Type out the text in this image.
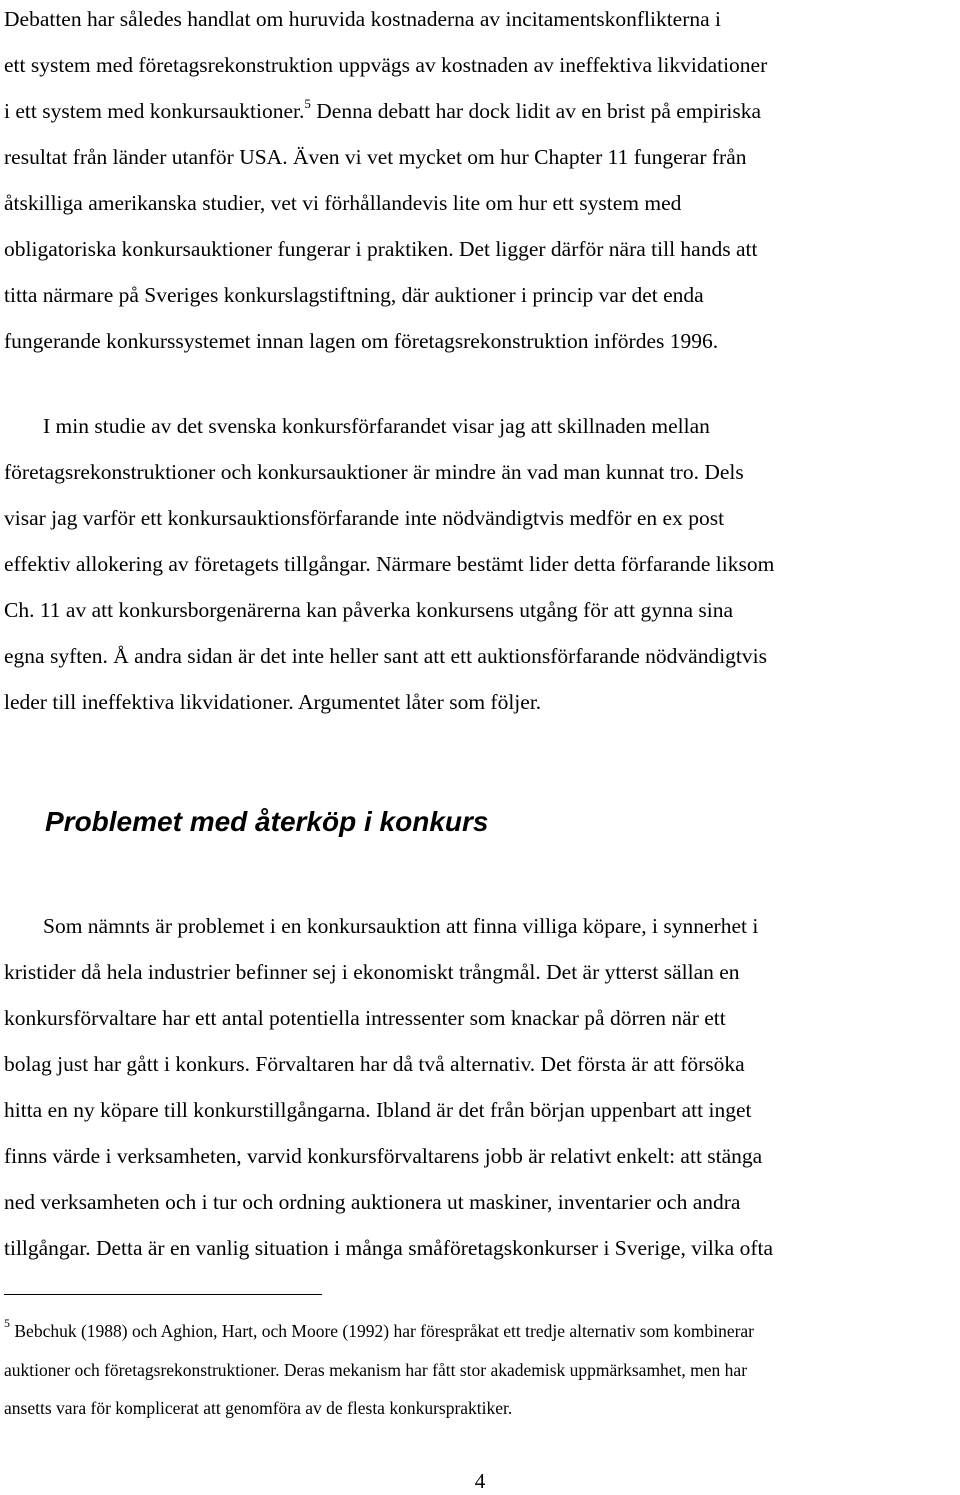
Debatten har således handlat om huruvida kostnaderna av incitamentskonflikterna i
ett system med företagsrekonstruktion uppvägs av kostnaden av ineffektiva likvidationer
i ett system med konkursauktioner.$^5$ Denna debatt har dock lidit av en brist på empiriska
resultat från länder utanför USA. Även vi vet mycket om hur Chapter 11 fungerar från
åtskilliga amerikanska studier, vet vi förhållandevis lite om hur ett system med
obligatoriska konkursauktioner fungerar i praktiken. Det ligger därför nära till hands att
titta närmare på Sveriges konkurslagstiftning, där auktioner i princip var det enda
fungerande konkurssystemet innan lagen om företagsrekonstruktion infördes 1996.
I min studie av det svenska konkursförfarandet visar jag att skillnaden mellan
företagsrekonstruktioner och konkursauktioner är mindre än vad man kunnat tro. Dels
visar jag varför ett konkursauktionsförfarande inte nödvändigtvis medför en ex post
effektiv allokering av företagets tillgångar. Närmare bestämt lider detta förfarande liksom
Ch. 11 av att konkursborgenärerna kan påverka konkursens utgång för att gynna sina
egna syften. Å andra sidan är det inte heller sant att ett auktionsförfarande nödvändigtvis
leder till ineffektiva likvidationer. Argumentet låter som följer.
Problemet med återköp i konkurs
Som nämnts är problemet i en konkursauktion att finna villiga köpare, i synnerhet i
kristider då hela industrier befinner sej i ekonomiskt trångmål. Det är ytterst sällan en
konkursförvaltare har ett antal potentiella intressenter som knackar på dörren när ett
bolag just har gått i konkurs. Förvaltaren har då två alternativ. Det första är att försöka
hitta en ny köpare till konkurstillgångarna. Ibland är det från början uppenbart att inget
finns värde i verksamheten, varvid konkursförvaltarens jobb är relativt enkelt: att stänga
ned verksamheten och i tur och ordning auktionera ut maskiner, inventarier och andra
tillgångar. Detta är en vanlig situation i många småföretagskonkurser i Sverige, vilka ofta
$^5$ Bebchuk (1988) och Aghion, Hart, och Moore (1992) har förespråkat ett tredje alternativ som kombinerar
auktioner och företagsrekonstruktioner. Deras mekanism har fått stor akademisk uppmärksamhet, men har
ansetts vara för komplicerat att genomföra av de flesta konkurspraktiker.
4
